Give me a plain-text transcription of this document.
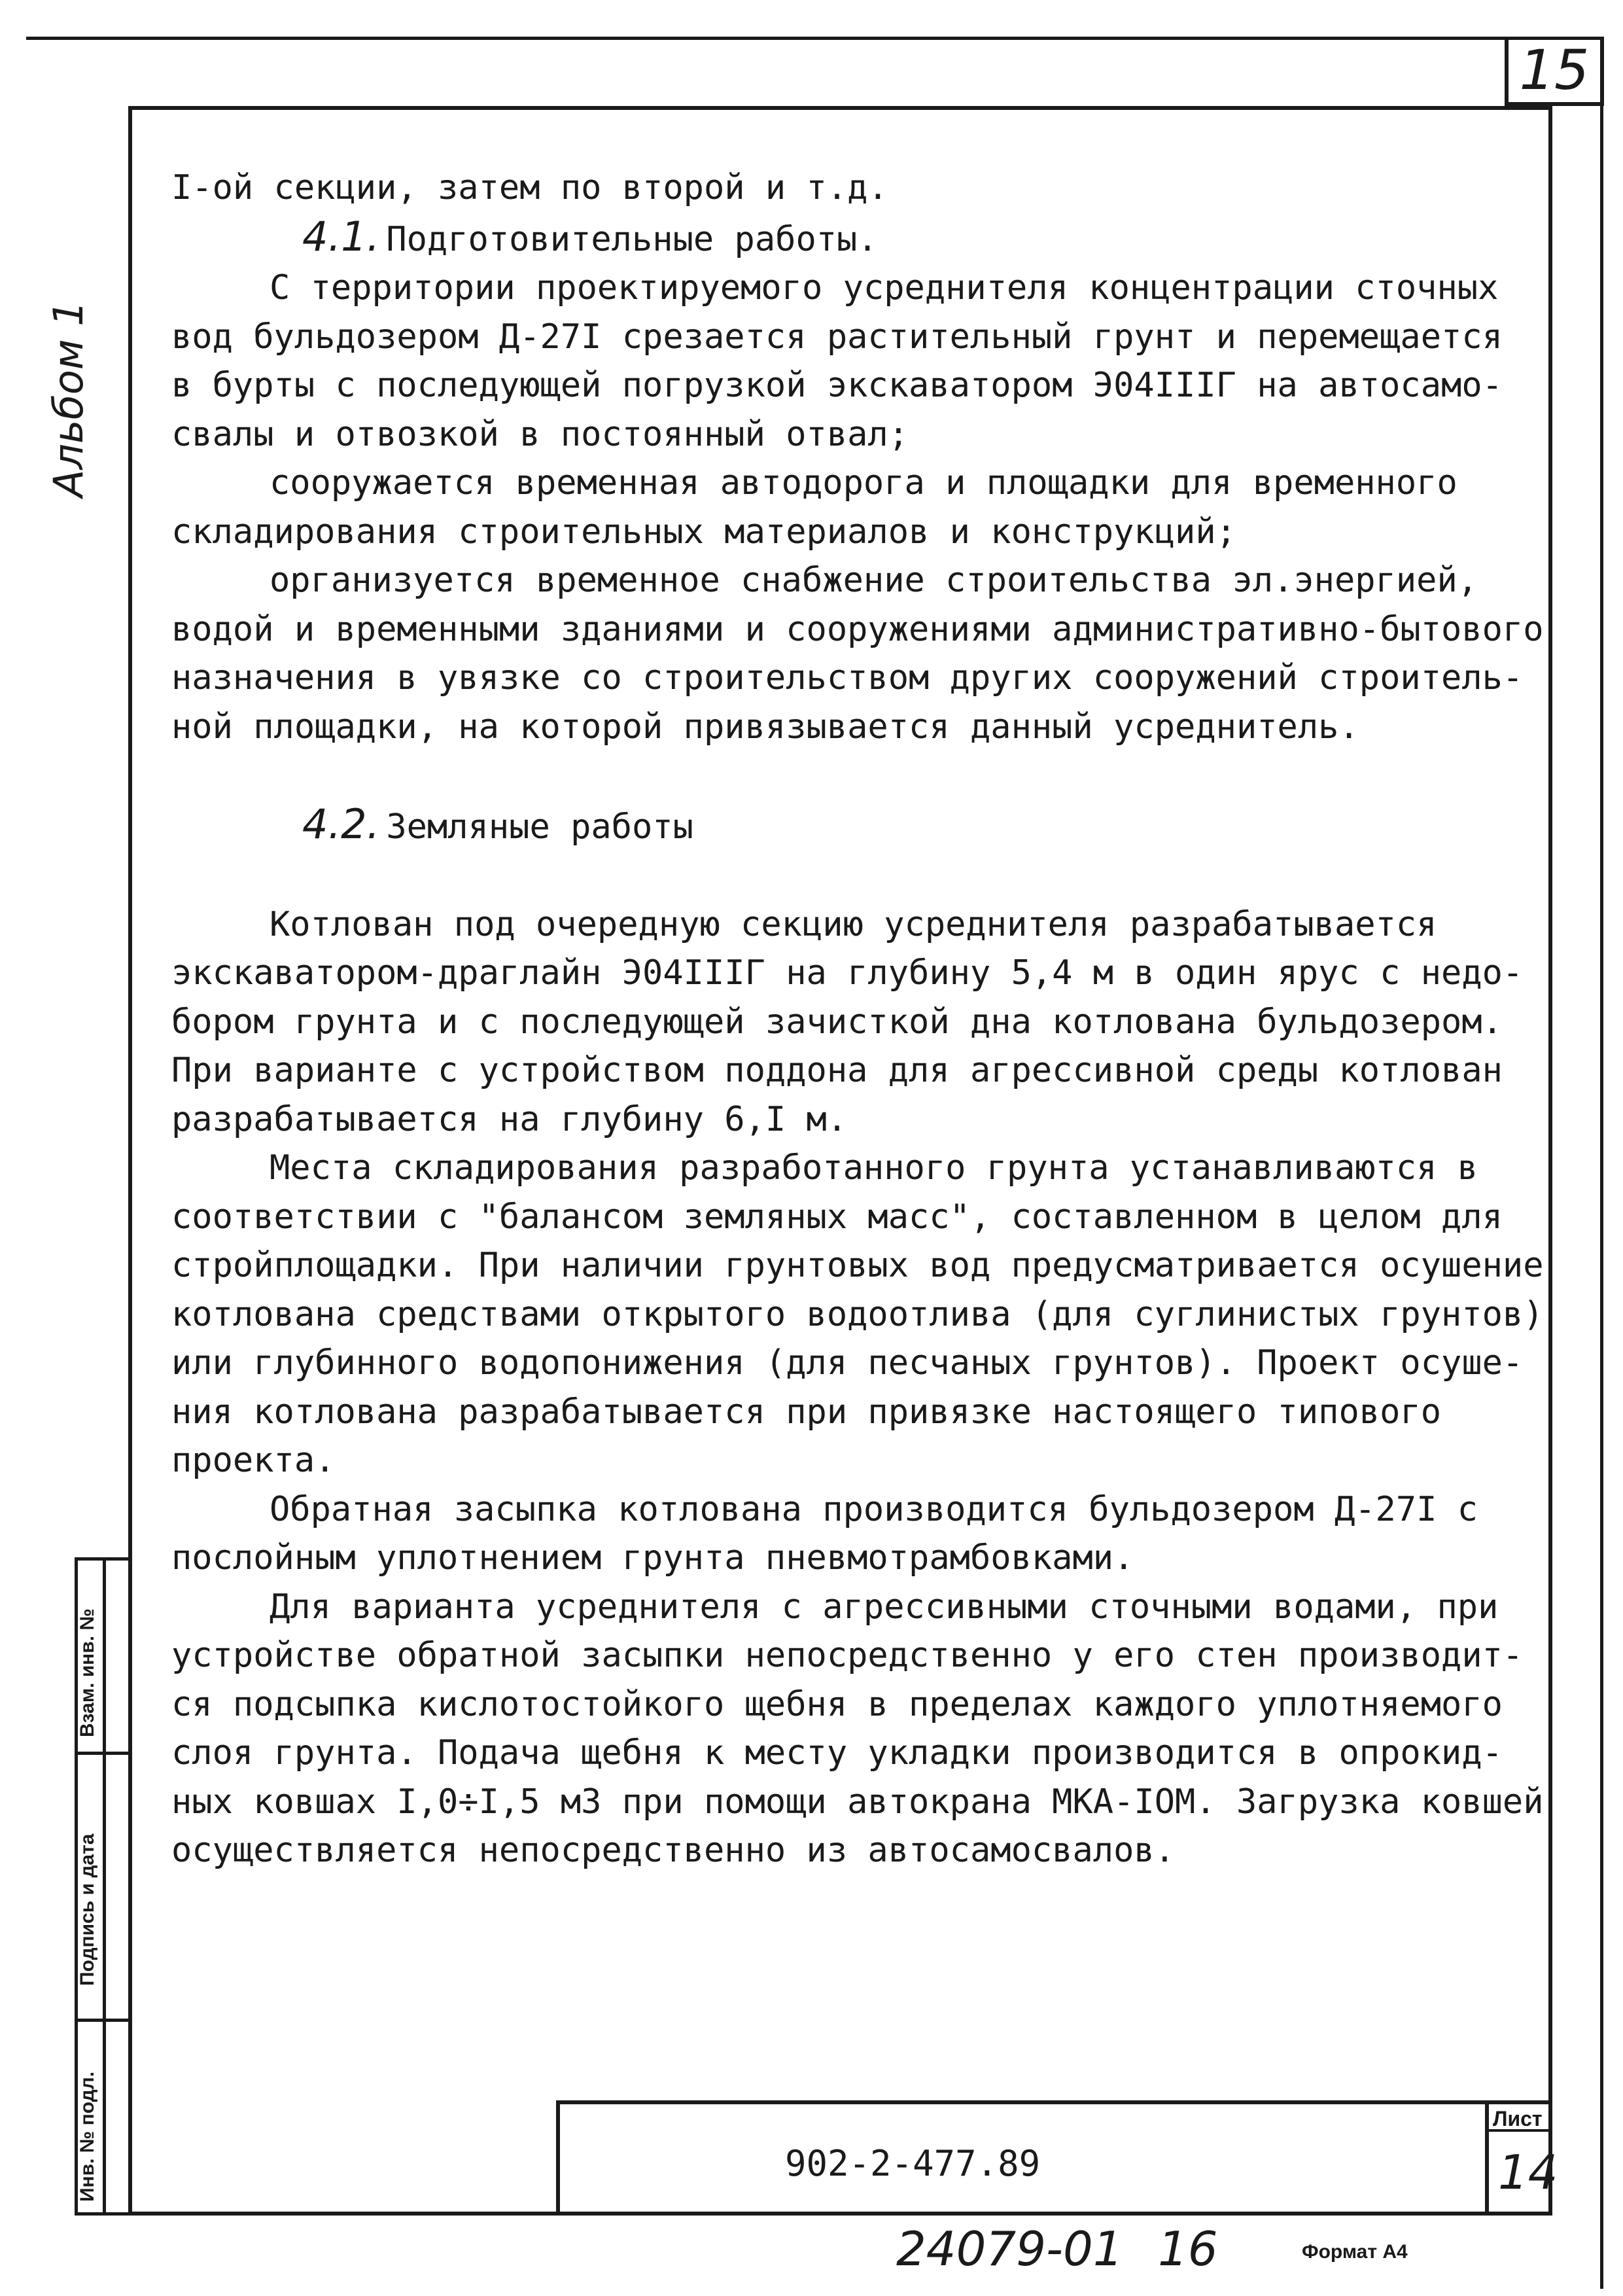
15
Альбом 1
I-ой секции, затем по второй и т.д.
4.1. Подготовительные работы.
С территории проектируемого усреднителя концентрации сточных
вод бульдозером Д-27I срезается растительный грунт и перемещается
в бурты с последующей погрузкой экскаватором Э04IIIГ на автосамо-
свалы и отвозкой в постоянный отвал;
сооружается временная автодорога и площадки для временного
складирования строительных материалов и конструкций;
организуется временное снабжение строительства эл.энергией,
водой и временными зданиями и сооружениями административно-бытового
назначения в увязке со строительством других сооружений строитель-
ной площадки, на которой привязывается данный усреднитель.

4.2. Земляные работы

Котлован под очередную секцию усреднителя разрабатывается
экскаватором-драглайн Э04IIIГ на глубину 5,4 м в один ярус с недо-
бором грунта и с последующей зачисткой дна котлована бульдозером.
При варианте с устройством поддона для агрессивной среды котлован
разрабатывается на глубину 6,I м.
Места складирования разработанного грунта устанавливаются в
соответствии с "балансом земляных масс", составленном в целом для
стройплощадки. При наличии грунтовых вод предусматривается осушение
котлована средствами открытого водоотлива (для суглинистых грунтов)
или глубинного водопонижения (для песчаных грунтов). Проект осуше-
ния котлована разрабатывается при привязке настоящего типового
проекта.
Обратная засыпка котлована производится бульдозером Д-27I с
послойным уплотнением грунта пневмотрамбовками.
Для варианта усреднителя с агрессивными сточными водами, при
устройстве обратной засыпки непосредственно у его стен производит-
ся подсыпка кислотостойкого щебня в пределах каждого уплотняемого
слоя грунта. Подача щебня к месту укладки производится в опрокид-
ных ковшах I,0÷I,5 м3 при помощи автокрана МКА-IOM. Загрузка ковшей
осуществляется непосредственно из автосамосвалов.
Взам. инв. №
Подпись и дата
Инв. № подл.	902-2-477.89
Лист
14
24079-01 16	Формат А4
